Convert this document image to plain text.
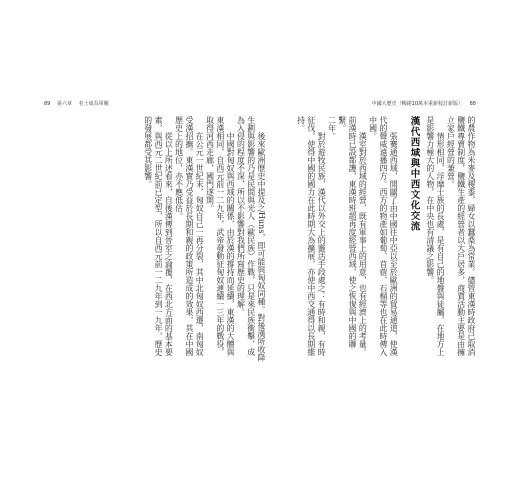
89 第六章 名士成為軍閥	中國大歷史（暢銷10萬本重新校訂新版） 88

後來歐洲歷史中提及之Huns，即可能與匈奴同種。對後漢所收降生劃與影響的乃是民間與光人（歐民族）作戰，只是來民族衝擊，成為入侵的程度不深，所以不影響對我們所寫歷史的理解。

中國對匈奴與西域的關係，由於漢的撐持而延續，東漢的大體與東漢相同，自西元前一二九年，武帝發動征匈奴連續一三年的戰役，取得河西走廊，國門遂開。

在公元一世紀末，匈奴自己一再分裂，其中北匈奴西遷，南匈奴受漢招撫。東漢實乃受益於長期和親的政策所造成的效果，其在中國歷史上的地位，亦不應低估。

從以上所述看來，自後漢傳到晉室之淪覆，在西北方面的基本要素，與西元二世紀前已定型，所以自西元前一二九年到一九年，歷史的發展都受其影響。	的農作物為米麥及稷黍，婦女以蠶桑為常業。儘管東漢時政府已取消鹽鐵專賣制度，鹽鐵生產的經營者以大戶居多，商賈活動主要是由擁立家戶經營的兼營。

情形相同，浮靡士族的長處，是有自己的地盤與徒屬，在地方上是影響力極大的人物，在中央也有清議之影響。

漢代西域與中西文化交流

張騫通西域，開闢了由中國往中亞以至於歐洲的貿易通道，使漢代的聲威遠播四方。西方的物產如葡萄、苜蓿、石榴等也在此時傳入中國。

漢室對於西域的經營，既有軍事上的用意，也有經濟上的考量。前漢時已設都護，東漢時班超再度經營西域，使之恢復與中國的聯繫。

二年。

對於遊牧民族，漢代以外交上的靈活手段處之：有時和親，有時征伐，使得中國的國力在此時期大為擴展，亦使中西交通得以長期維持。
